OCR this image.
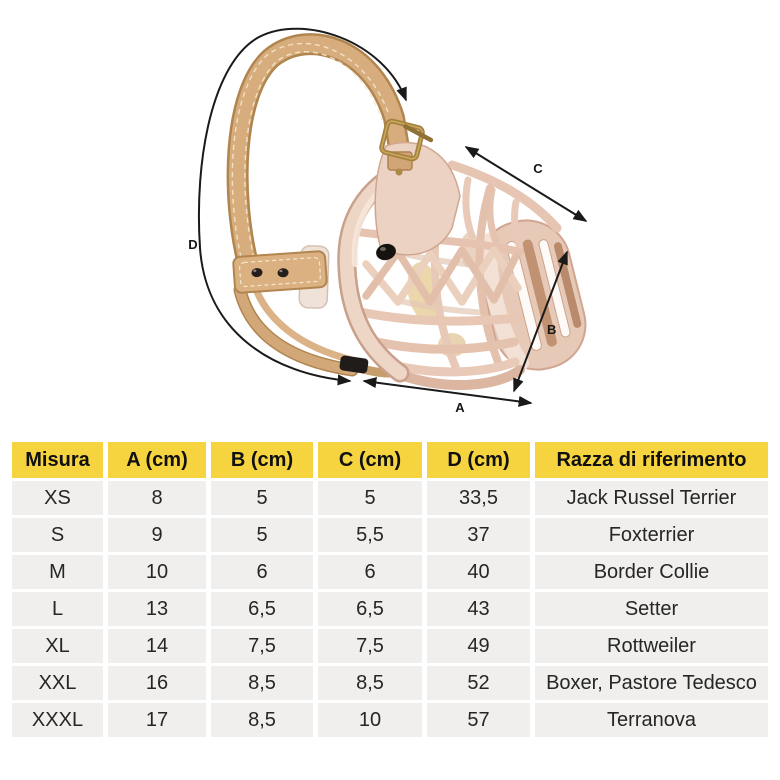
A
B
C
D
Misura	A (cm)	B (cm)	C (cm)	D (cm)	Razza di riferimento
XS	8	5	5	33,5	Jack Russel Terrier
S	9	5	5,5	37	Foxterrier
M	10	6	6	40	Border Collie
L	13	6,5	6,5	43	Setter
XL	14	7,5	7,5	49	Rottweiler
XXL	16	8,5	8,5	52	Boxer, Pastore Tedesco
XXXL	17	8,5	10	57	Terranova
